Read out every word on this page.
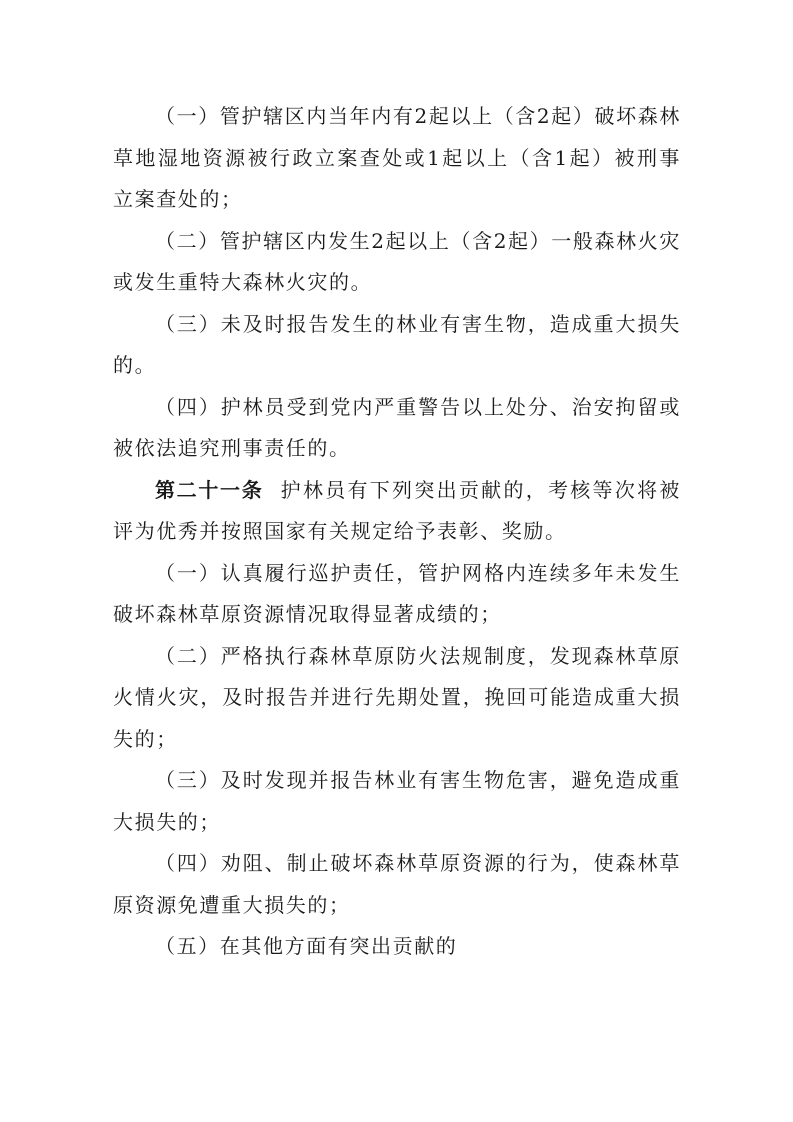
（一）管护辖区内当年内有2起以上（含2起）破坏森林草地湿地资源被行政立案查处或1起以上（含1起）被刑事立案查处的；

（二）管护辖区内发生2起以上（含2起）一般森林火灾或发生重特大森林火灾的。

（三）未及时报告发生的林业有害生物，造成重大损失的。

（四）护林员受到党内严重警告以上处分、治安拘留或被依法追究刑事责任的。

第二十一条 护林员有下列突出贡献的，考核等次将被评为优秀并按照国家有关规定给予表彰、奖励。

（一）认真履行巡护责任，管护网格内连续多年未发生破坏森林草原资源情况取得显著成绩的；

（二）严格执行森林草原防火法规制度，发现森林草原火情火灾，及时报告并进行先期处置，挽回可能造成重大损失的；

（三）及时发现并报告林业有害生物危害，避免造成重大损失的；

（四）劝阻、制止破坏森林草原资源的行为，使森林草原资源免遭重大损失的；

（五）在其他方面有突出贡献的
